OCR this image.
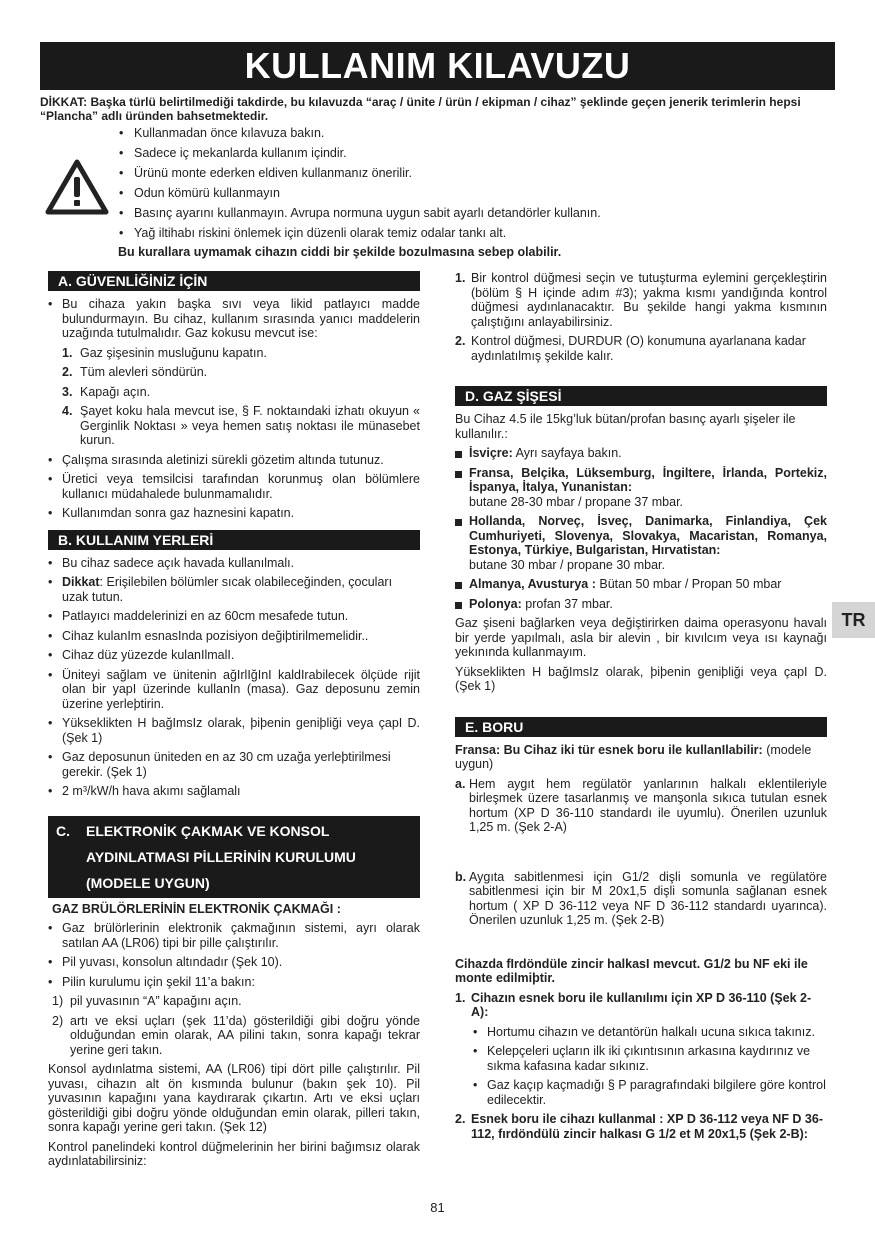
KULLANIM KILAVUZU
DİKKAT: Başka türlü belirtilmediği takdirde, bu kılavuzda “araç / ünite / ürün / ekipman / cihaz” şeklinde geçen jenerik terimlerin hepsi “Plancha” adlı üründen bahsetmektedir.
• Kullanmadan önce kılavuza bakın.
• Sadece iç mekanlarda kullanım içindir.
• Ürünü monte ederken eldiven kullanmanız önerilir.
• Odun kömürü kullanmayın
• Basınç ayarını kullanmayın. Avrupa normuna uygun sabit ayarlı detandörler kullanın.
• Yağ iltihabı riskini önlemek için düzenli olarak temiz odalar tankı alt.
Bu kurallara uymamak cihazın ciddi bir şekilde bozulmasına sebep olabilir.
A. GÜVENLİĞİNİZ İÇİN
• Bu cihaza yakın başka sıvı veya likid patlayıcı madde bulundurmayın. Bu cihaz, kullanım sırasında yanıcı maddelerin uzağında tutulmalıdır. Gaz kokusu mevcut ise:
1. Gaz şişesinin musluğunu kapatın.
2. Tüm alevleri söndürün.
3. Kapağı açın.
4. Şayet koku hala mevcut ise, § F. noktaındaki izhatı okuyun « Gerginlik Noktası » veya hemen satış noktası ile münasebet kurun.
• Çalışma sırasında aletinizi sürekli gözetim altında tutunuz.
• Üretici veya temsilcisi tarafından korunmuş olan bölümlere kullanıcı müdahalede bulunmamalıdır.
• Kullanımdan sonra gaz haznesini kapatın.
B. KULLANIM YERLERİ
• Bu cihaz sadece açık havada kullanılmalı.
• Dikkat: Erişilebilen bölümler sıcak olabileceğinden, çocuları uzak tutun.
• Patlayıcı maddelerinizi en az 60cm mesafede tutun.
• Cihaz kulanIm esnasInda pozisiyon değiþtirilmemelidir..
• Cihaz düz yüzezde kulanIlmalI.
• Üniteyi sağlam ve ünitenin ağIrlIğInI kaldIrabilecek ölçüde rijit olan bir yapI üzerinde kullanIn (masa). Gaz deposunu zemin üzerine yerleþtirin.
• Yükseklikten H bağImsIz olarak, þiþenin geniþliği veya çapI D. (Şek 1)
• Gaz deposunun üniteden en az 30 cm uzağa yerleþtirilmesi gerekir. (Şek 1)
• 2 m³/kW/h hava akımı sağlamalı
C. ELEKTRONİK ÇAKMAK VE KONSOL
AYDINLATMASI PİLLERİNİN KURULUMU
(MODELE UYGUN)
GAZ BRÜLÖRLERİNİN ELEKTRONİK ÇAKMAĞI :
• Gaz brülörlerinin elektronik çakmağının sistemi, ayrı olarak satılan AA (LR06) tipi bir pille çalıştırılır.
• Pil yuvası, konsolun altındadır (Şek 10).
• Pilin kurulumu için şekil 11’a bakın:
1) pil yuvasının “A” kapağını açın.
2) artı ve eksi uçları (şek 11’da) gösterildiği gibi doğru yönde olduğundan emin olarak, AA pilini takın, sonra kapağı tekrar yerine geri takın.
Konsol aydınlatma sistemi, AA (LR06) tipi dört pille çalıştırılır. Pil yuvası, cihazın alt ön kısmında bulunur (bakın şek 10). Pil yuvasının kapağını yana kaydırarak çıkartın. Artı ve eksi uçları gösterildiği gibi doğru yönde olduğundan emin olarak, pilleri takın, sonra kapağı yerine geri takın. (Şek 12)
Kontrol panelindeki kontrol düğmelerinin her birini bağımsız olarak aydınlatabilirsiniz:
1. Bir kontrol düğmesi seçin ve tutuşturma eylemini gerçekleştirin (bölüm § H içinde adım #3); yakma kısmı yandığında kontrol düğmesi aydınlanacaktır. Bu şekilde hangi yakma kısmının çalıştığını anlayabilirsiniz.
2. Kontrol düğmesi, DURDUR (O) konumuna ayarlanana kadar aydınlatılmış şekilde kalır.
D. GAZ ŞİŞESİ
Bu Cihaz 4.5 ile 15kg’luk bütan/profan basınç ayarlı şişeler ile kullanılır.:
İsviçre: Ayrı sayfaya bakın.
Fransa, Belçika, Lüksemburg, İngiltere, İrlanda, Portekiz, İspanya, İtalya, Yunanistan:
butane 28-30 mbar / propane 37 mbar.
Hollanda, Norveç, İsveç, Danimarka, Finlandiya, Çek Cumhuriyeti, Slovenya, Slovakya, Macaristan, Romanya, Estonya, Türkiye, Bulgaristan, Hırvatistan:
butane 30 mbar / propane 30 mbar.
Almanya, Avusturya : Bütan 50 mbar / Propan 50 mbar
Polonya: profan 37 mbar.
Gaz şiseni bağlarken veya değiştirirken daima operasyonu havalı bir yerde yapılmalı, asla bir alevin , bir kıvılcım veya ısı kaynağı yekınında kullanmayım.
Yükseklikten H bağImsIz olarak, þiþenin geniþliği veya çapI D. (Şek 1)
E. BORU
Fransa: Bu Cihaz iki tür esnek boru ile kullanIlabilir: (modele uygun)
a. Hem aygıt hem regülatör yanlarının halkalı eklentileriyle birleşmek üzere tasarlanmış ve manşonla sıkıca tutulan esnek hortum (XP D 36-110 standardı ile uyumlu). Önerilen uzunluk 1,25 m. (Şek 2-A)
b. Aygıta sabitlenmesi için G1/2 dişli somunla ve regülatöre sabitlenmesi için bir M 20x1,5 dişli somunla sağlanan esnek hortum ( XP D 36-112 veya NF D 36-112 standardı uyarınca). Önerilen uzunluk 1,25 m. (Şek 2-B)
Cihazda fIrdöndüle zincir halkasI mevcut. G1/2 bu NF eki ile monte edilmiþtir.
1. Cihazın esnek boru ile kullanılımı için XP D 36-110 (Şek 2-A):
• Hortumu cihazın ve detantörün halkalı ucuna sıkıca takınız.
• Kelepçeleri uçların ilk iki çıkıntısının arkasına kaydırınız ve sıkma kafasına kadar sıkınız.
• Gaz kaçıp kaçmadığı § P paragrafındaki bilgilere göre kontrol edilecektir.
2. Esnek boru ile cihazı kullanmaI : XP D 36-112 veya NF D 36-112, fırdöndülü zincir halkası G 1/2 et M 20x1,5 (Şek 2-B):
TR
81
